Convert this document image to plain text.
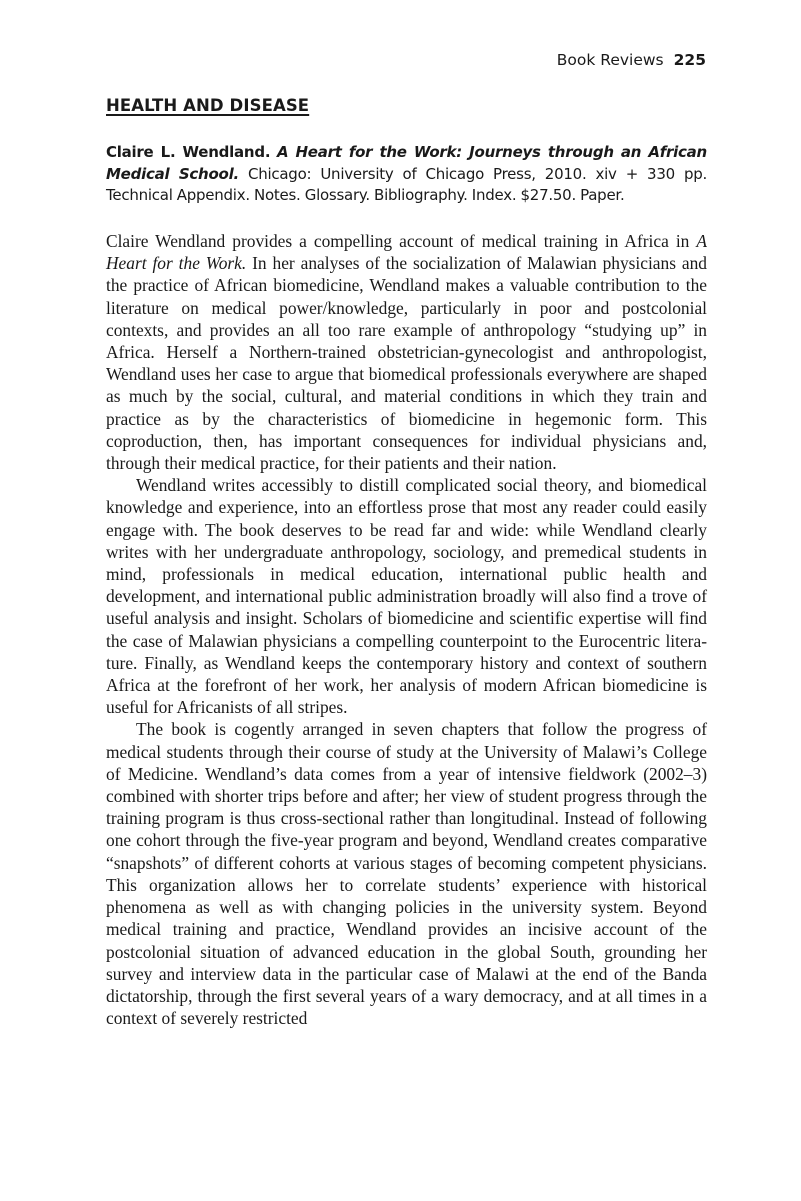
Book Reviews 225
HEALTH AND DISEASE
Claire L. Wendland. A Heart for the Work: Journeys through an African Medical School. Chicago: University of Chicago Press, 2010. xiv + 330 pp. Technical Appendix. Notes. Glossary. Bibliography. Index. $27.50. Paper.

Claire Wendland provides a compelling account of medical training in Africa in A Heart for the Work. In her analyses of the socialization of Malawian physicians and the practice of African biomedicine, Wendland makes a valuable contribution to the literature on medical power/knowledge, particularly in poor and postcolonial contexts, and provides an all too rare example of anthropology “studying up” in Africa. Herself a Northern-trained obstetrician-gynecologist and anthropologist, Wendland uses her case to argue that biomedical professionals everywhere are shaped as much by the social, cultural, and material conditions in which they train and practice as by the characteristics of biomedicine in hegemonic form. This coproduction, then, has important consequences for individual physicians and, through their medical practice, for their patients and their nation.

Wendland writes accessibly to distill complicated social theory, and biomedical knowledge and experience, into an effortless prose that most any reader could easily engage with. The book deserves to be read far and wide: while Wendland clearly writes with her undergraduate anthropology, sociology, and premedical students in mind, professionals in medical education, international public health and development, and international public administration broadly will also find a trove of useful analysis and insight. Scholars of biomedicine and scientific expertise will find the case of Malawian physicians a compelling counterpoint to the Eurocentric literature. Finally, as Wendland keeps the contemporary history and context of southern Africa at the forefront of her work, her analysis of modern African biomedicine is useful for Africanists of all stripes.

The book is cogently arranged in seven chapters that follow the progress of medical students through their course of study at the University of Malawi’s College of Medicine. Wendland’s data comes from a year of intensive fieldwork (2002–3) combined with shorter trips before and after; her view of student progress through the training program is thus cross-sectional rather than longitudinal. Instead of following one cohort through the five-year program and beyond, Wendland creates comparative “snapshots” of different cohorts at various stages of becoming competent physicians. This organization allows her to correlate students’ experience with historical phenomena as well as with changing policies in the university system. Beyond medical training and practice, Wendland provides an incisive account of the postcolonial situation of advanced education in the global South, grounding her survey and interview data in the particular case of Malawi at the end of the Banda dictatorship, through the first several years of a wary democracy, and at all times in a context of severely restricted
